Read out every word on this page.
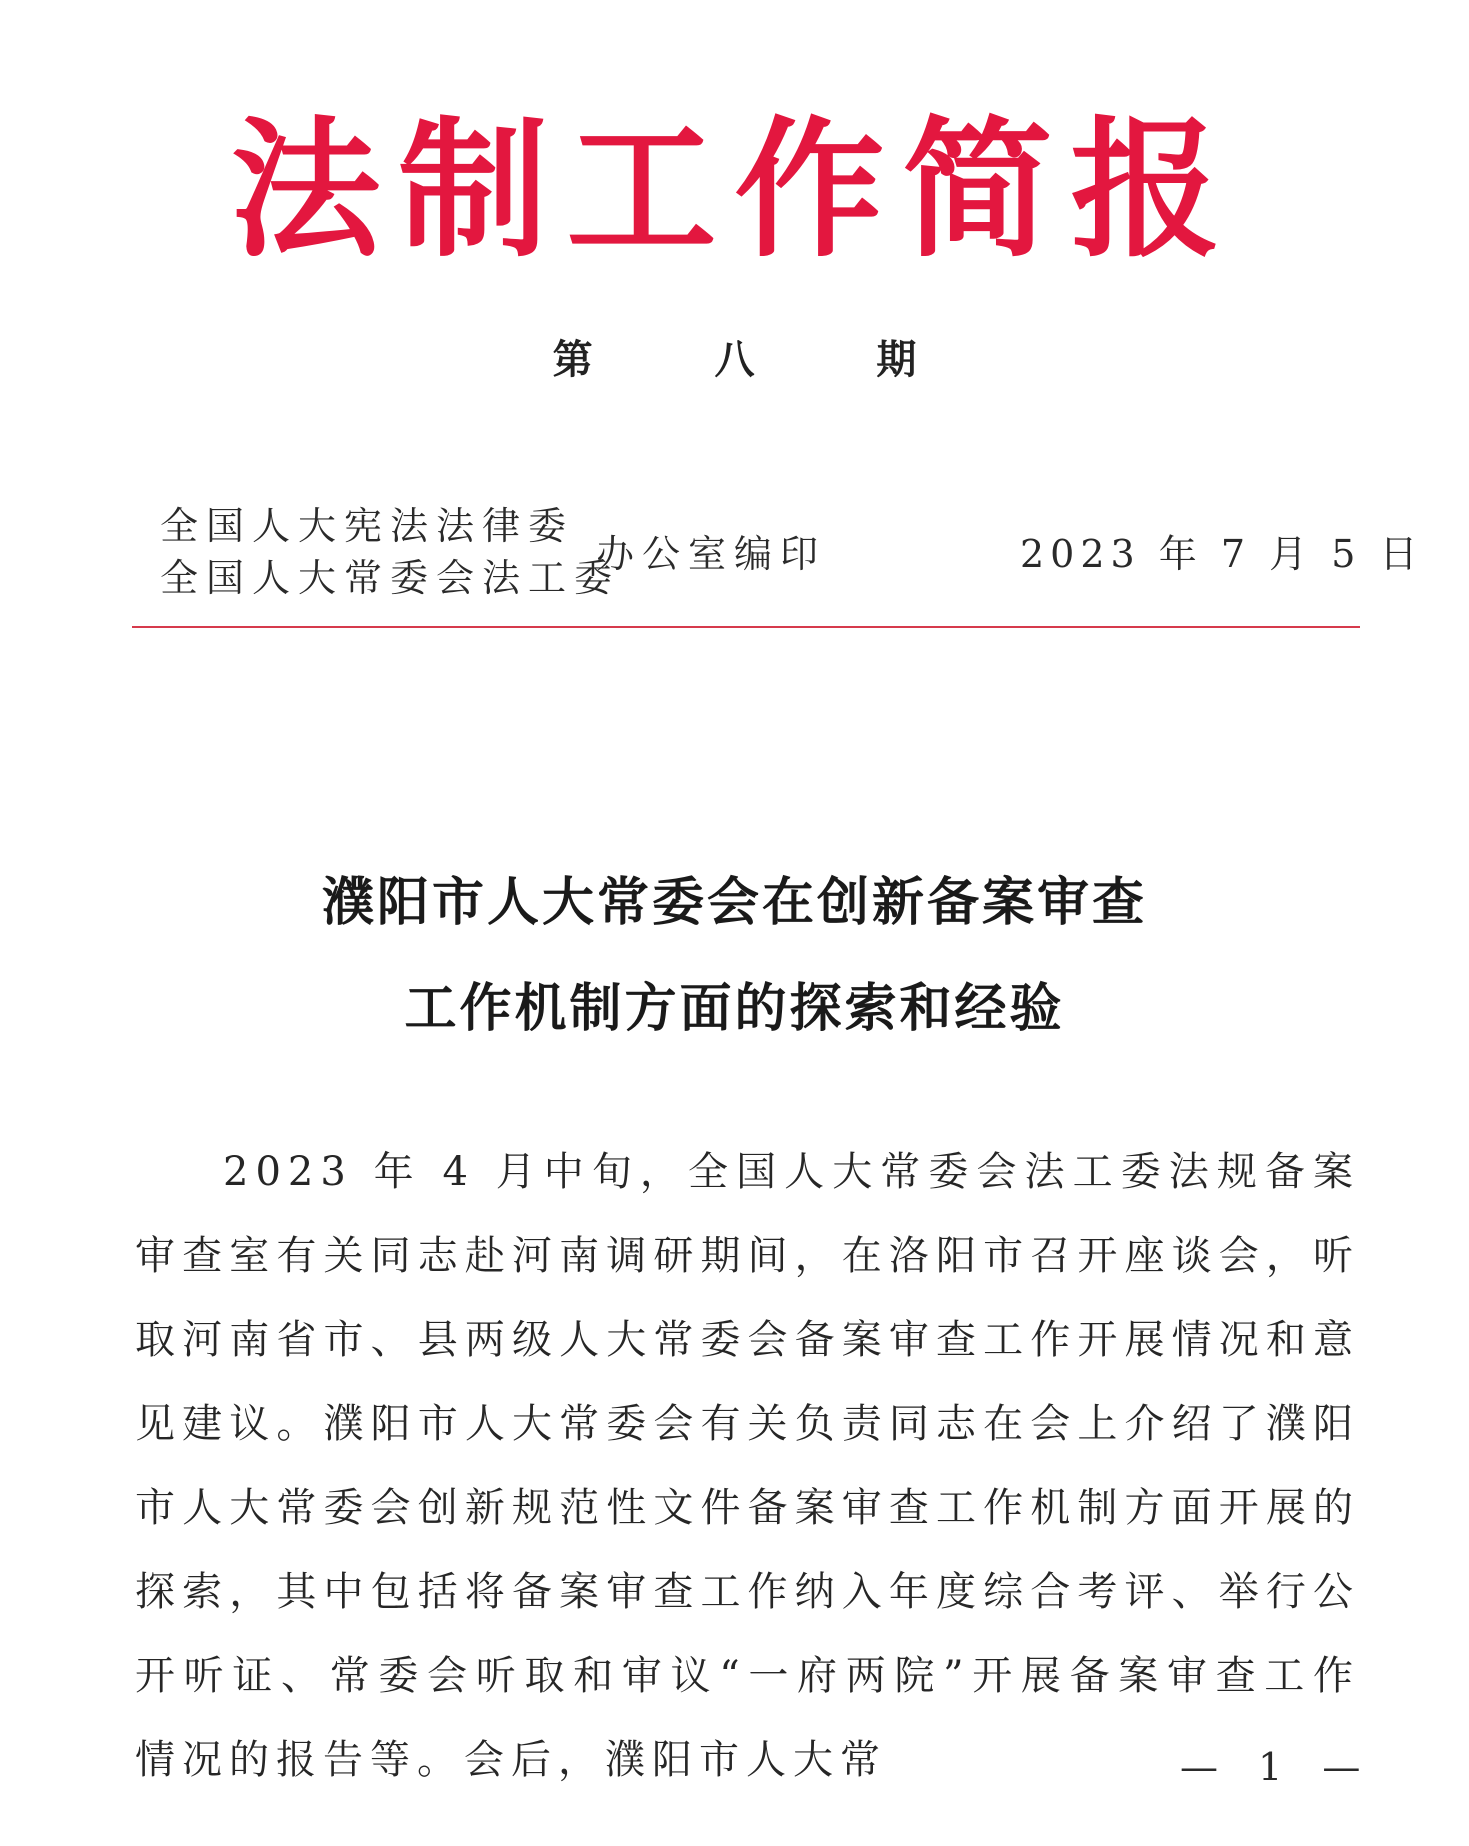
法制工作简报
第 八 期
全国人大宪法法律委
全国人大常委会法工委
办公室编印	2023 年 7 月 5 日
濮阳市人大常委会在创新备案审查
工作机制方面的探索和经验
2023 年 4 月中旬，全国人大常委会法工委法规备案审查室有关同志赴河南调研期间，在洛阳市召开座谈会，听取河南省市、县两级人大常委会备案审查工作开展情况和意见建议。濮阳市人大常委会有关负责同志在会上介绍了濮阳市人大常委会创新规范性文件备案审查工作机制方面开展的探索，其中包括将备案审查工作纳入年度综合考评、举行公开听证、常委会听取和审议“一府两院”开展备案审查工作情况的报告等。会后，濮阳市人大常	— 1 —
